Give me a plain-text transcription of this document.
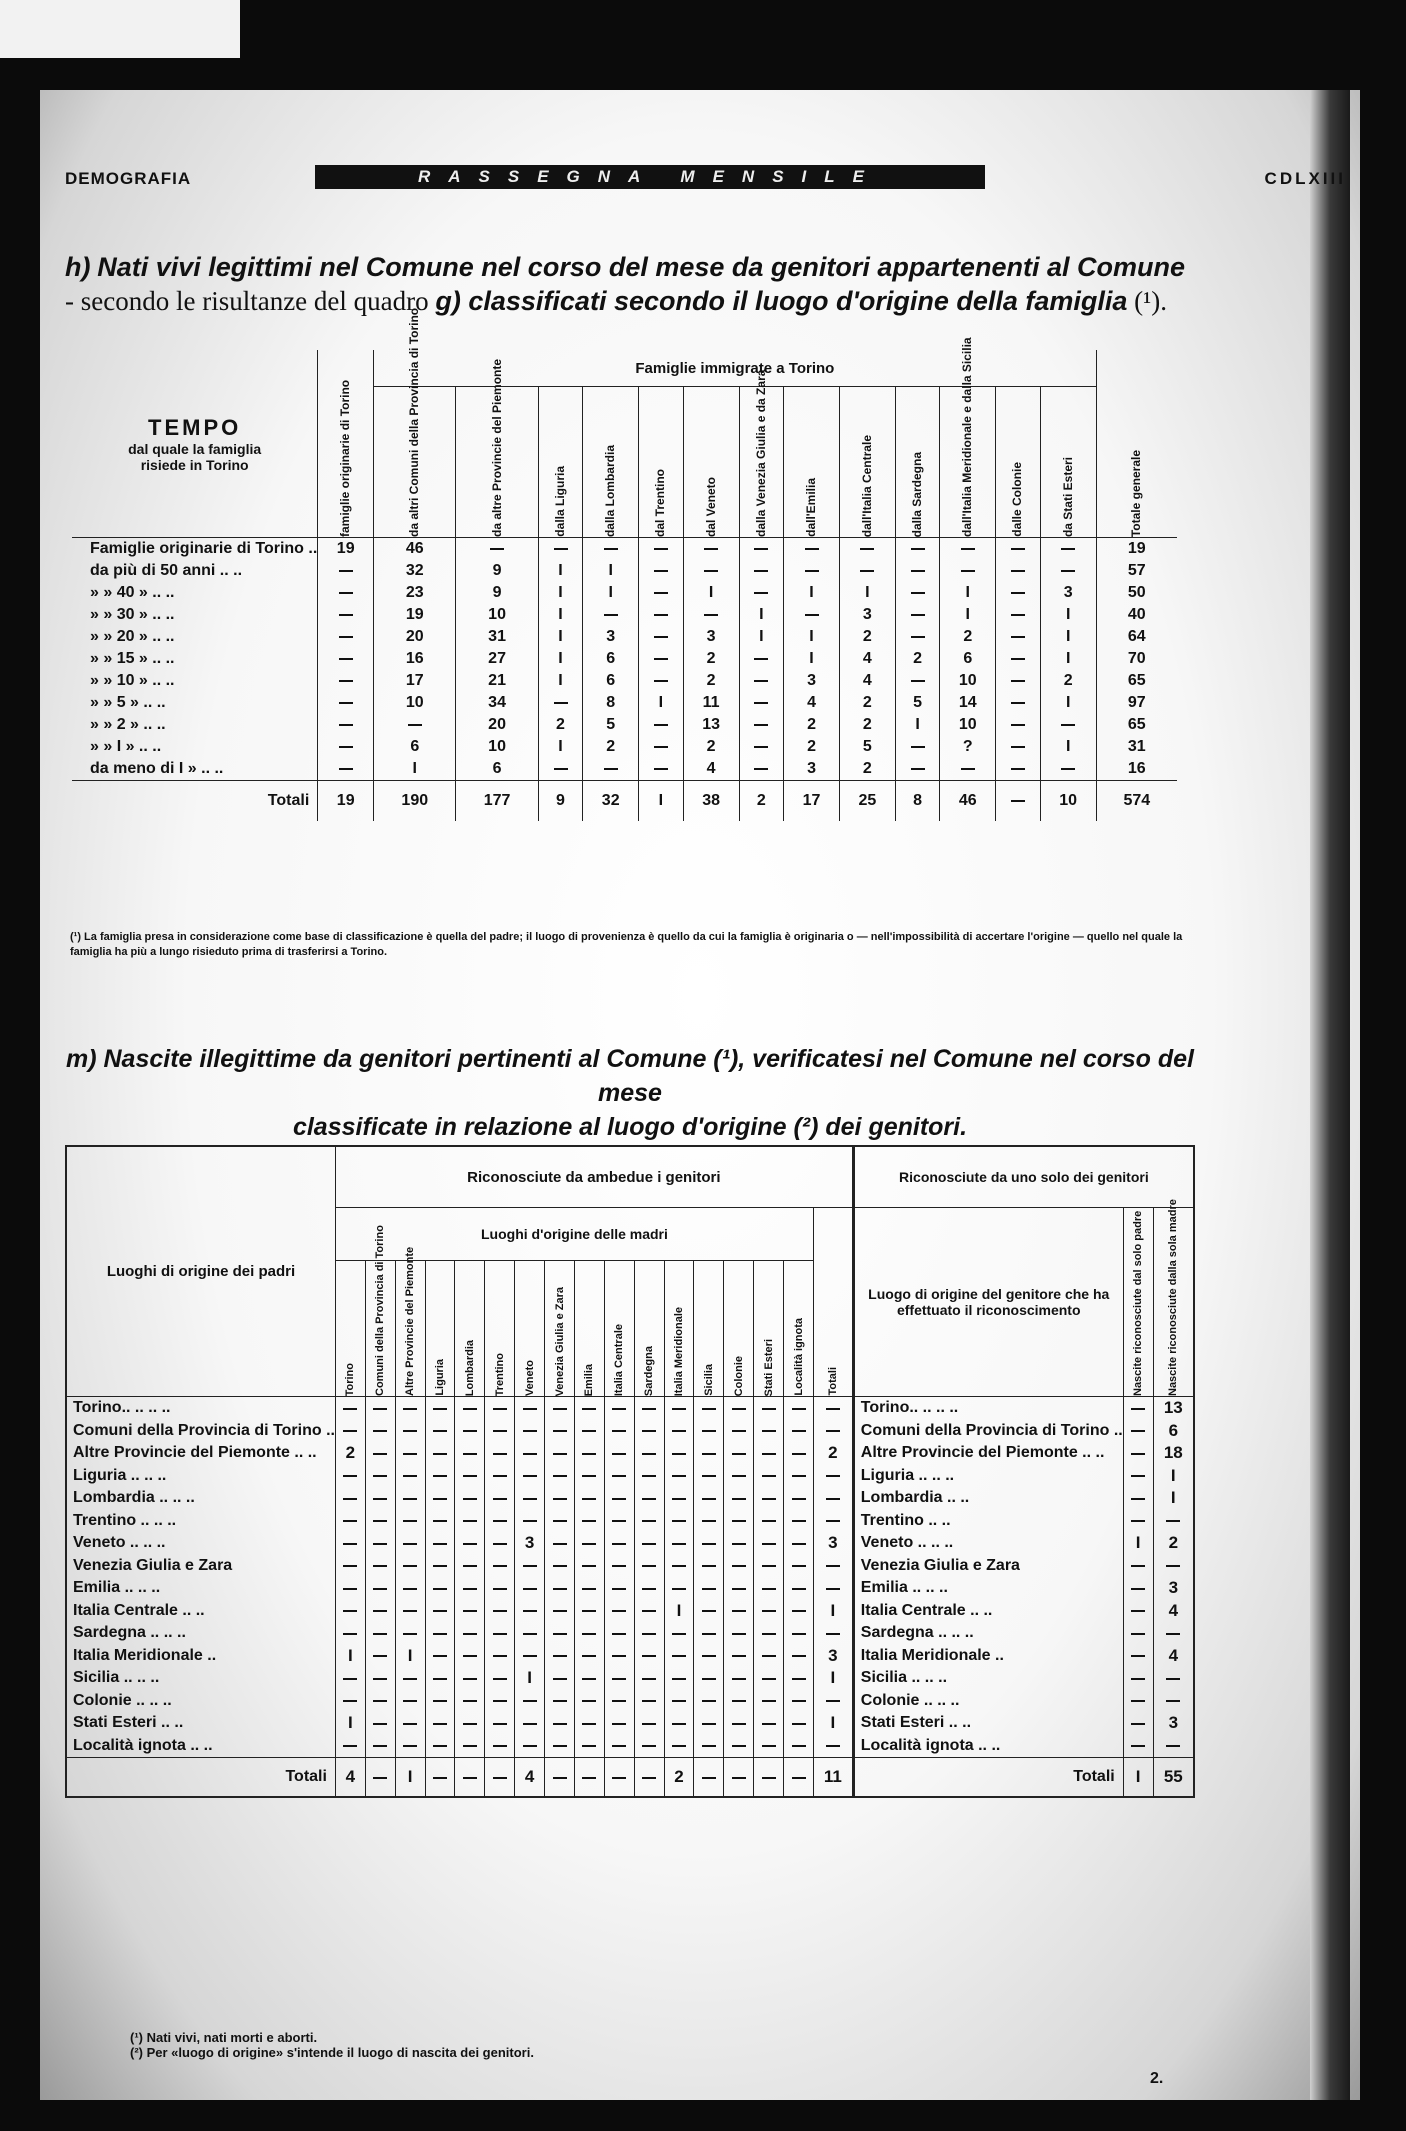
DEMOGRAFIA	RASSEGNA MENSILE	CDLXIII
h) Nati vivi legittimi nel Comune nel corso del mese da genitori appartenenti al Comune - secondo le risultanze del quadro g) classificati secondo il luogo d'origine della famiglia (¹).
TEMPO
dal quale la famiglia
risiede in Torino	famiglie originarie di Torino	Famiglie immigrate a Torino													Totale generale

		da altri Comuni della Provincia di Torino	da altre Provincie del Piemonte	dalla Liguria	dalla Lombardia	dal Trentino	dal Veneto	dalla Venezia Giulia e da Zara	dall'Emilia	dall'Italia Centrale	dalla Sardegna	dall'Italia Meridionale e dalla Sicilia	dalle Colonie	da Stati Esteri	

Famiglie originarie di Torino ..	19	46													19
da più di 50 anni .. ..		32	9	I	I										57
» » 40 » .. ..		23	9	I	I		I		I	I		I		3	50
» » 30 » .. ..		19	10	I				I		3		I		I	40
» » 20 » .. ..		20	31	I	3		3	I	I	2		2		I	64
» » 15 » .. ..		16	27	I	6		2		I	4	2	6		I	70
» » 10 » .. ..		17	21	I	6		2		3	4		10		2	65
» » 5 » .. ..		10	34		8	I	11		4	2	5	14		I	97
» » 2 » .. ..			20	2	5		13		2	2	I	10			65
» » I » .. ..		6	10	I	2		2		2	5		?		I	31
da meno di I » .. ..		I	6				4		3	2					16
Totali	19	190	177	9	32	I	38	2	17	25	8	46		10	574
(¹) La famiglia presa in considerazione come base di classificazione è quella del padre; il luogo di provenienza è quello da cui la famiglia è originaria o — nell'impossibilità di accertare l'origine — quello nel quale la famiglia ha più a lungo risieduto prima di trasferirsi a Torino.
m) Nascite illegittime da genitori pertinenti al Comune (¹), verificatesi nel Comune nel corso del mese
classificate in relazione al luogo d'origine (²) dei genitori.
Luoghi di origine dei padri	Riconosciute da ambedue i genitori																	Riconosciute da uno solo dei genitori		
	Luoghi d'origine delle madri																Totali	Luogo di origine del genitore che ha effettuato il riconoscimento	Nascite riconosciute dal solo padre	Nascite riconosciute dalla sola madre

	Torino	Comuni della Provincia di Torino	Altre Provincie del Piemonte	Liguria	Lombardia	Trentino	Veneto	Venezia Giulia e Zara	Emilia	Italia Centrale	Sardegna	Italia Meridionale	Sicilia	Colonie	Stati Esteri	Località ignota				

Torino.. .. .. ..																		Torino.. .. .. ..		13
Comuni della Provincia di Torino ..																		Comuni della Provincia di Torino ..		6
Altre Provincie del Piemonte .. ..	2																2	Altre Provincie del Piemonte .. ..		18
Liguria .. .. ..																		Liguria .. .. ..		I
Lombardia .. .. ..																		Lombardia .. ..		I
Trentino .. .. ..																		Trentino .. ..		
Veneto .. .. ..							3										3	Veneto .. .. ..	I	2
Venezia Giulia e Zara																		Venezia Giulia e Zara		
Emilia .. .. ..																		Emilia .. .. ..		3
Italia Centrale .. ..												I					I	Italia Centrale .. ..		4
Sardegna .. .. ..																		Sardegna .. .. ..		
Italia Meridionale ..	I		I														3	Italia Meridionale ..		4
Sicilia .. .. ..							I										I	Sicilia .. .. ..		
Colonie .. .. ..																		Colonie .. .. ..		
Stati Esteri .. ..	I																I	Stati Esteri .. ..		3
Località ignota .. ..																		Località ignota .. ..		
Totali	4		I				4					2					11	Totali	I	55
(¹) Nati vivi, nati morti e aborti.
(²) Per «luogo di origine» s'intende il luogo di nascita dei genitori.
2.
